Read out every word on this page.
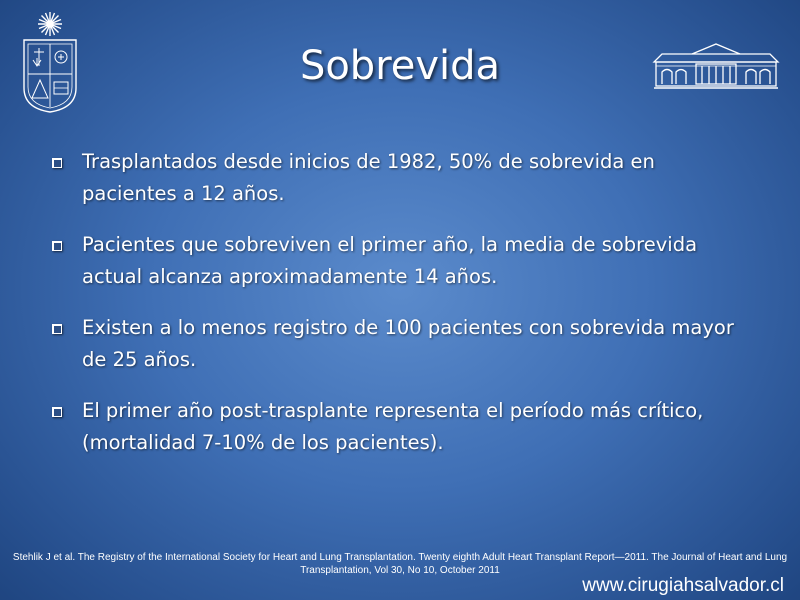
Sobrevida
Trasplantados desde inicios de 1982, 50% de sobrevida en pacientes a 12 años.
Pacientes que sobreviven el primer año, la media de sobrevida actual alcanza aproximadamente 14 años.
Existen a lo menos registro de 100 pacientes con sobrevida mayor de 25 años.
El primer año post-trasplante representa el período más crítico, (mortalidad 7-10% de los pacientes).
Stehlik J et al. The Registry of the International Society for Heart and Lung Transplantation. Twenty eighth Adult Heart Transplant Report—2011. The Journal of Heart and Lung Transplantation, Vol 30, No 10, October 2011
www.cirugiahsalvador.cl
